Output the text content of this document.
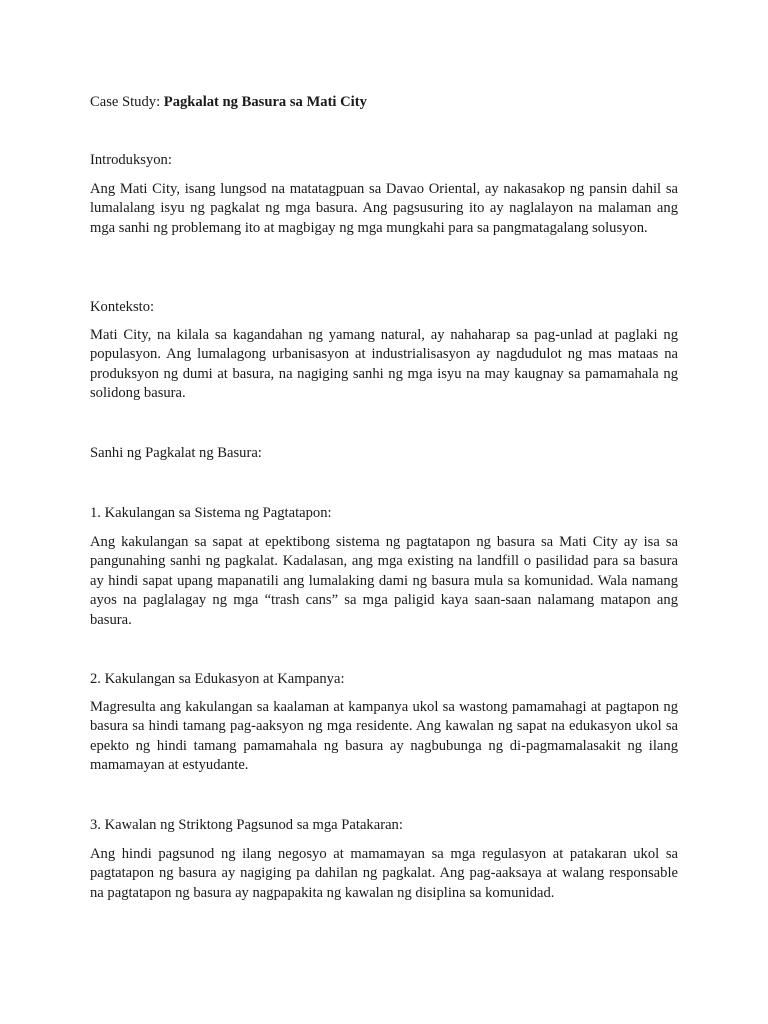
Case Study: Pagkalat ng Basura sa Mati City
Introduksyon:

Ang Mati City, isang lungsod na matatagpuan sa Davao Oriental, ay nakasakop ng pansin dahil sa lumalalang isyu ng pagkalat ng mga basura. Ang pagsusuring ito ay naglalayon na malaman ang mga sanhi ng problemang ito at magbigay ng mga mungkahi para sa pangmatagalang solusyon.

Konteksto:

Mati City, na kilala sa kagandahan ng yamang natural, ay nahaharap sa pag-unlad at paglaki ng populasyon. Ang lumalagong urbanisasyon at industrialisasyon ay nagdudulot ng mas mataas na produksyon ng dumi at basura, na nagiging sanhi ng mga isyu na may kaugnay sa pamamahala ng solidong basura.

Sanhi ng Pagkalat ng Basura:
1. Kakulangan sa Sistema ng Pagtatapon:

Ang kakulangan sa sapat at epektibong sistema ng pagtatapon ng basura sa Mati City ay isa sa pangunahing sanhi ng pagkalat. Kadalasan, ang mga existing na landfill o pasilidad para sa basura ay hindi sapat upang mapanatili ang lumalaking dami ng basura mula sa komunidad. Wala namang ayos na paglalagay ng mga “trash cans” sa mga paligid kaya saan-saan nalamang matapon ang basura.

2. Kakulangan sa Edukasyon at Kampanya:

Magresulta ang kakulangan sa kaalaman at kampanya ukol sa wastong pamamahagi at pagtapon ng basura sa hindi tamang pag-aaksyon ng mga residente. Ang kawalan ng sapat na edukasyon ukol sa epekto ng hindi tamang pamamahala ng basura ay nagbubunga ng di-pagmamalasakit ng ilang mamamayan at estyudante.

3. Kawalan ng Striktong Pagsunod sa mga Patakaran:

Ang hindi pagsunod ng ilang negosyo at mamamayan sa mga regulasyon at patakaran ukol sa pagtatapon ng basura ay nagiging pa dahilan ng pagkalat. Ang pag-aaksaya at walang responsable na pagtatapon ng basura ay nagpapakita ng kawalan ng disiplina sa komunidad.
